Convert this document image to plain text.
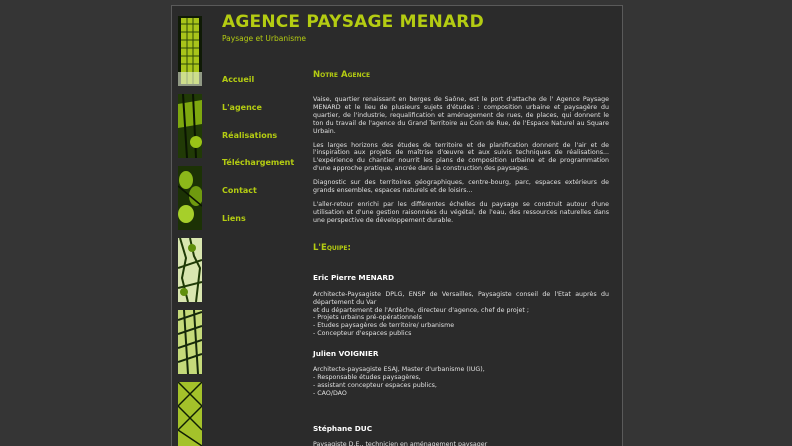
AGENCE PAYSAGE MENARD
Paysage et Urbanisme
Accueil
L'agence
Réalisations
Téléchargement
Contact
Liens
Notre Agence

Vaise, quartier renaissant en berges de Saône, est le port d'attache de l' Agence Paysage MENARD et le lieu de plusieurs sujets d'études : composition urbaine et paysagère du quartier, de l'industrie, requalification et aménagement de rues, de places, qui donnent le ton du travail de l'agence du Grand Territoire au Coin de Rue, de l'Espace Naturel au Square Urbain.

Les larges horizons des études de territoire et de planification donnent de l'air et de l'inspiration aux projets de maîtrise d'œuvre et aux suivis techniques de réalisations... L'expérience du chantier nourrit les plans de composition urbaine et de programmation d'une approche pratique, ancrée dans la construction des paysages.

Diagnostic sur des territoires géographiques, centre-bourg, parc, espaces extérieurs de grands ensembles, espaces naturels et de loisirs...

L'aller-retour enrichi par les différentes échelles du paysage se construit autour d'une utilisation et d'une gestion raisonnées du végétal, de l'eau, des ressources naturelles dans une perspective de développement durable.

L'Equipe:
Eric Pierre MENARD
Architecte-Paysagiste DPLG, ENSP de Versailles, Paysagiste conseil de l'Etat auprès du département du Var
et du département de l'Ardèche, directeur d'agence, chef de projet ;
- Projets urbains pré-opérationnels
- Etudes paysagères de territoire/ urbanisme
- Concepteur d'espaces publics
Julien VOIGNIER
Architecte-paysagiste ESAJ, Master d'urbanisme (IUG),
- Responsable études paysagères,
- assistant concepteur espaces publics,
- CAO/DAO
Stéphane DUC
Paysagiste D.E., technicien en aménagement paysager
